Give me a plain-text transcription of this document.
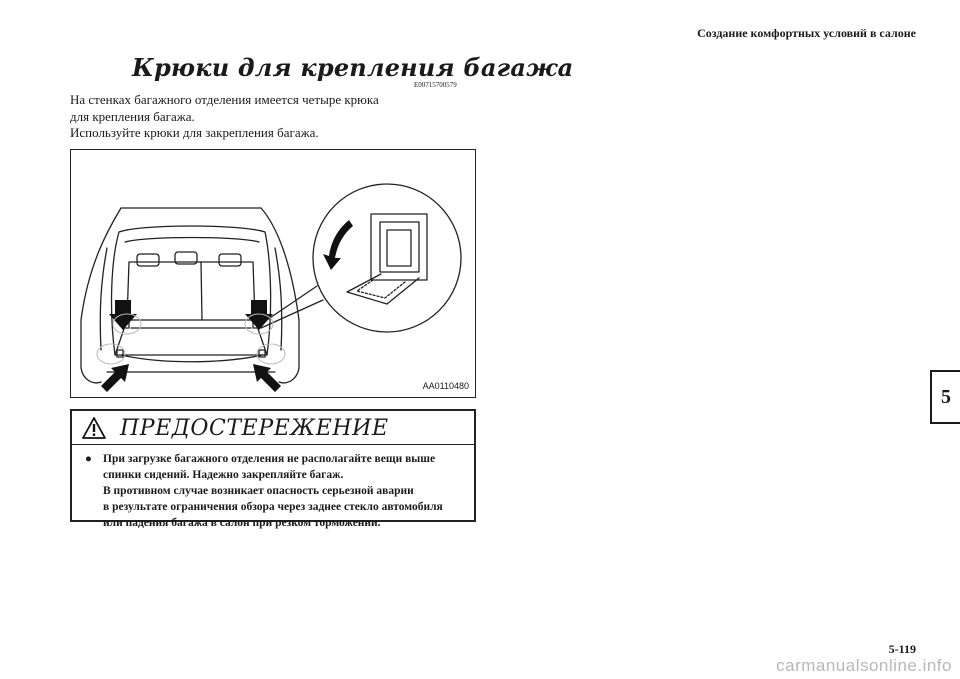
Создание комфортных условий в салоне
Крюки для крепления багажа
E00715700579

На стенках багажного отделения имеется четыре крюка

для крепления багажа.

Используйте крюки для закрепления багажа.

AA0110480
ПРЕДОСТЕРЕЖЕНИЕ
● При загрузке багажного отделения не располагайте вещи выше
спинки сидений. Надежно закрепляйте багаж.
В противном случае возникает опасность серьезной аварии
в результате ограничения обзора через заднее стекло автомобиля
или падения багажа в салон при резком торможении.
5
5-119
carmanualsonline.info
